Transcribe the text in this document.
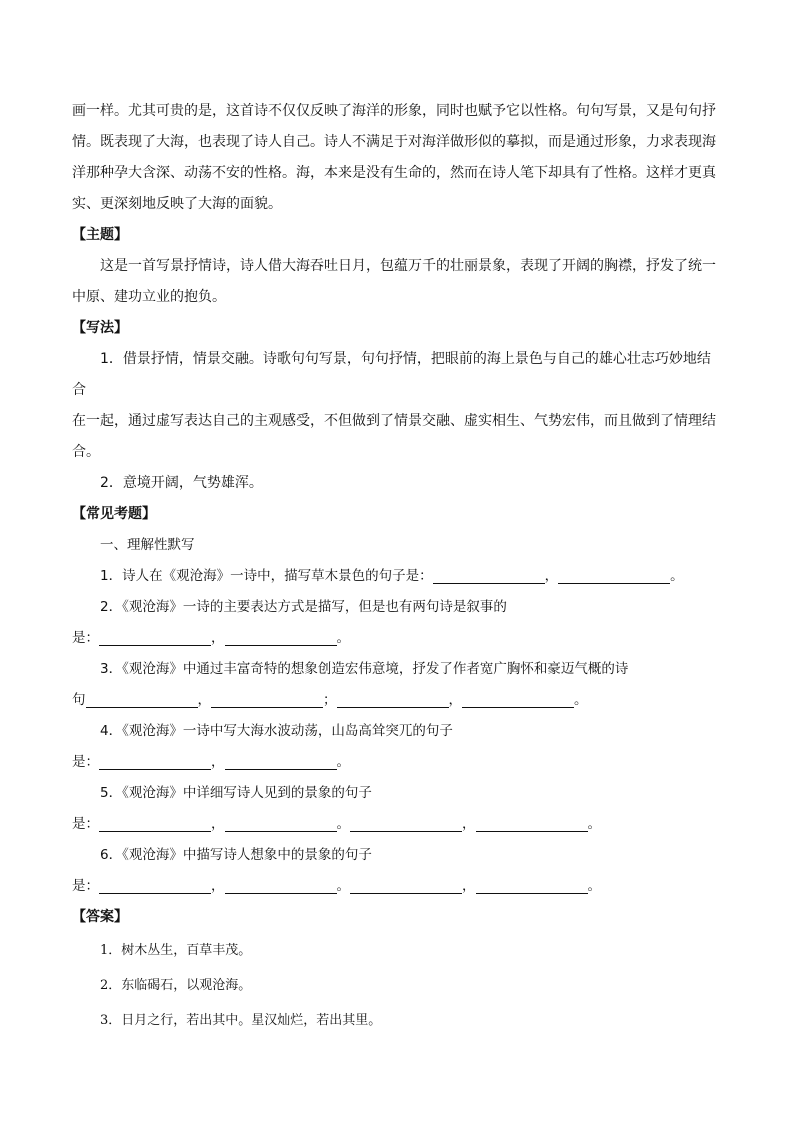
画一样。尤其可贵的是，这首诗不仅仅反映了海洋的形象，同时也赋予它以性格。句句写景，又是句句抒

情。既表现了大海，也表现了诗人自己。诗人不满足于对海洋做形似的摹拟，而是通过形象，力求表现海

洋那种孕大含深、动荡不安的性格。海，本来是没有生命的，然而在诗人笔下却具有了性格。这样才更真

实、更深刻地反映了大海的面貌。

【主题】

这是一首写景抒情诗，诗人借大海吞吐日月，包蕴万千的壮丽景象，表现了开阔的胸襟，抒发了统一

中原、建功立业的抱负。

【写法】

1．借景抒情，情景交融。诗歌句句写景，句句抒情，把眼前的海上景色与自己的雄心壮志巧妙地结合

在一起，通过虚写表达自己的主观感受，不但做到了情景交融、虚实相生、气势宏伟，而且做到了情理结

合。

2．意境开阔，气势雄浑。

【常见考题】

一、理解性默写

1．诗人在《观沧海》一诗中，描写草木景色的句子是：	，	。

2．《观沧海》一诗的主要表达方式是描写，但是也有两句诗是叙事的

是：	，	。

3．《观沧海》中通过丰富奇特的想象创造宏伟意境，抒发了作者宽广胸怀和豪迈气概的诗

句	，	；	，	。

4．《观沧海》一诗中写大海水波动荡，山岛高耸突兀的句子

是：	，	。

5．《观沧海》中详细写诗人见到的景象的句子

是：	，	。	，	。

6．《观沧海》中描写诗人想象中的景象的句子

是：	，	。	，	。

【答案】

1．树木丛生，百草丰茂。

2．东临碣石，以观沧海。

3．日月之行，若出其中。星汉灿烂，若出其里。
